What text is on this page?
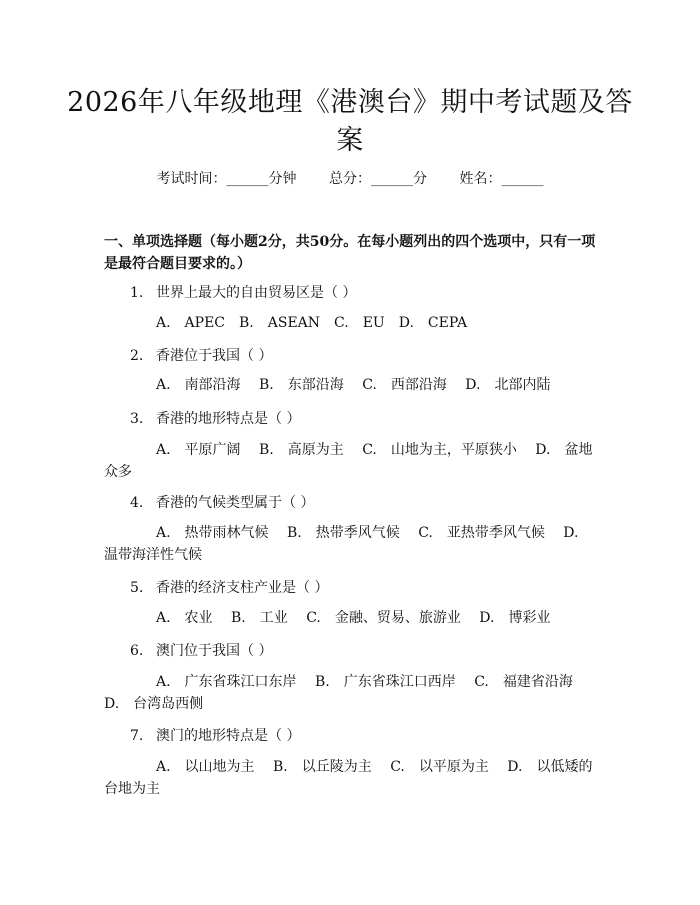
2026年八年级地理《港澳台》期中考试题及答案
考试时间：______分钟 总分：______分 姓名：______
一、单项选择题（每小题2分，共50分。在每小题列出的四个选项中，只有一项是最符合题目要求的。）
1. 世界上最大的自由贸易区是（ ）
A.　APEC　B.　ASEAN　C.　EU　D.　CEPA
2. 香港位于我国（ ）
A.　南部沿海　 B.　东部沿海　 C.　西部沿海　 D.　北部内陆
3. 香港的地形特点是（ ）
A.　平原广阔　 B.　高原为主　 C.　山地为主，平原狭小　 D.　盆地众多
4. 香港的气候类型属于（ ）
A.　热带雨林气候　 B.　热带季风气候　 C.　亚热带季风气候　 D.　温带海洋性气候
5. 香港的经济支柱产业是（ ）
A.　农业　 B.　工业　 C.　金融、贸易、旅游业　 D.　博彩业
6. 澳门位于我国（ ）
A.　广东省珠江口东岸　 B.　广东省珠江口西岸　 C.　福建省沿海　 D.　台湾岛西侧
7. 澳门的地形特点是（ ）
A.　以山地为主　 B.　以丘陵为主　 C.　以平原为主　 D.　以低矮的台地为主
